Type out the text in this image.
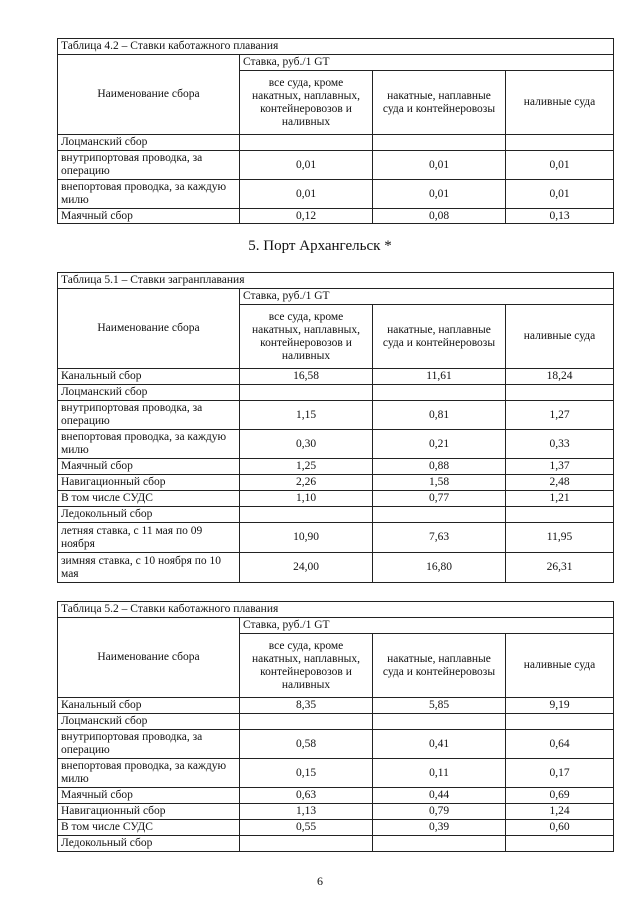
5. Порт Архангельск *
6
Таблица 4.2 – Ставки каботажного плавания			
Наименование сбора	Ставка, руб./1 GT		
	все суда, кроме накатных, наплавных, контейнеровозов и наливных	накатные, наплавные суда и контейнеровозы	наливные суда
Лоцманский сбор			
внутрипортовая проводка, за операцию	0,01	0,01	0,01
внепортовая проводка, за каждую милю	0,01	0,01	0,01
Маячный сбор	0,12	0,08	0,13
Таблица 5.1 – Ставки загранплавания			
Наименование сбора	Ставка, руб./1 GT		
	все суда, кроме накатных, наплавных, контейнеровозов и наливных	накатные, наплавные суда и контейнеровозы	наливные суда
Канальный сбор	16,58	11,61	18,24
Лоцманский сбор			
внутрипортовая проводка, за операцию	1,15	0,81	1,27
внепортовая проводка, за каждую милю	0,30	0,21	0,33
Маячный сбор	1,25	0,88	1,37
Навигационный сбор	2,26	1,58	2,48
В том числе СУДС	1,10	0,77	1,21
Ледокольный сбор			
летняя ставка, с 11 мая по 09 ноября	10,90	7,63	11,95
зимняя ставка, с 10 ноября по 10 мая	24,00	16,80	26,31
Таблица 5.2 – Ставки каботажного плавания			
Наименование сбора	Ставка, руб./1 GT		
	все суда, кроме накатных, наплавных, контейнеровозов и наливных	накатные, наплавные суда и контейнеровозы	наливные суда
Канальный сбор	8,35	5,85	9,19
Лоцманский сбор			
внутрипортовая проводка, за операцию	0,58	0,41	0,64
внепортовая проводка, за каждую милю	0,15	0,11	0,17
Маячный сбор	0,63	0,44	0,69
Навигационный сбор	1,13	0,79	1,24
В том числе СУДС	0,55	0,39	0,60
Ледокольный сбор			
